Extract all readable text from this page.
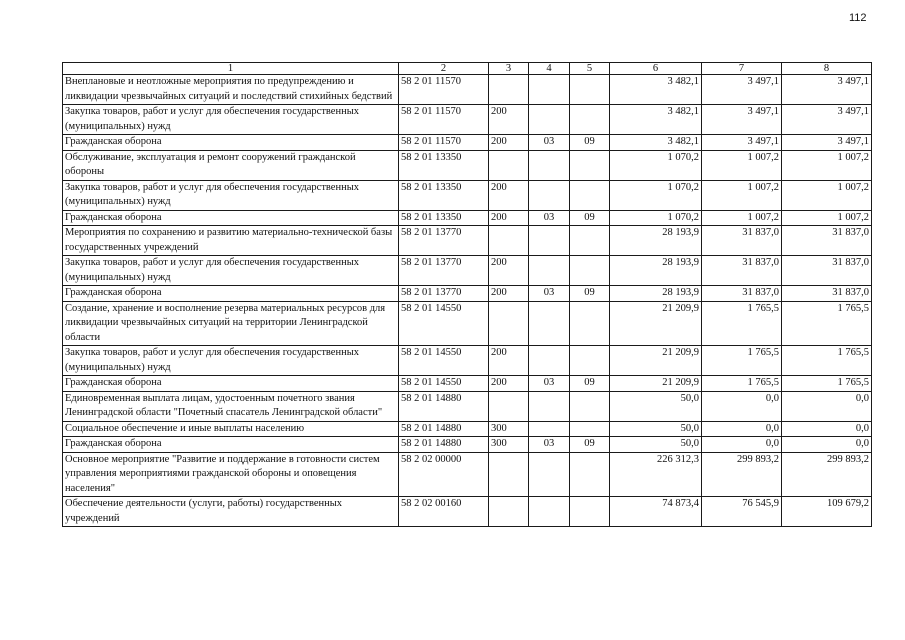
112
1	2	3	4	5	6	7	8
Внеплановые и неотложные мероприятия по предупреждению и ликвидации чрезвычайных ситуаций и последствий стихийных бедствий	58 2 01 11570				3 482,1	3 497,1	3 497,1
Закупка товаров, работ и услуг для обеспечения государственных (муниципальных) нужд	58 2 01 11570	200			3 482,1	3 497,1	3 497,1
Гражданская оборона	58 2 01 11570	200	03	09	3 482,1	3 497,1	3 497,1
Обслуживание, эксплуатация и ремонт сооружений гражданской обороны	58 2 01 13350				1 070,2	1 007,2	1 007,2
Закупка товаров, работ и услуг для обеспечения государственных (муниципальных) нужд	58 2 01 13350	200			1 070,2	1 007,2	1 007,2
Гражданская оборона	58 2 01 13350	200	03	09	1 070,2	1 007,2	1 007,2
Мероприятия по сохранению и развитию материально-технической базы государственных учреждений	58 2 01 13770				28 193,9	31 837,0	31 837,0
Закупка товаров, работ и услуг для обеспечения государственных (муниципальных) нужд	58 2 01 13770	200			28 193,9	31 837,0	31 837,0
Гражданская оборона	58 2 01 13770	200	03	09	28 193,9	31 837,0	31 837,0
Создание, хранение и восполнение резерва материальных ресурсов для ликвидации чрезвычайных ситуаций на территории Ленинградской области	58 2 01 14550				21 209,9	1 765,5	1 765,5
Закупка товаров, работ и услуг для обеспечения государственных (муниципальных) нужд	58 2 01 14550	200			21 209,9	1 765,5	1 765,5
Гражданская оборона	58 2 01 14550	200	03	09	21 209,9	1 765,5	1 765,5
Единовременная выплата лицам, удостоенным почетного звания Ленинградской области "Почетный спасатель Ленинградской области"	58 2 01 14880				50,0	0,0	0,0
Социальное обеспечение и иные выплаты населению	58 2 01 14880	300			50,0	0,0	0,0
Гражданская оборона	58 2 01 14880	300	03	09	50,0	0,0	0,0
Основное мероприятие "Развитие и поддержание в готовности систем управления мероприятиями гражданской обороны и оповещения населения"	58 2 02 00000				226 312,3	299 893,2	299 893,2
Обеспечение деятельности (услуги, работы) государственных учреждений	58 2 02 00160				74 873,4	76 545,9	109 679,2
